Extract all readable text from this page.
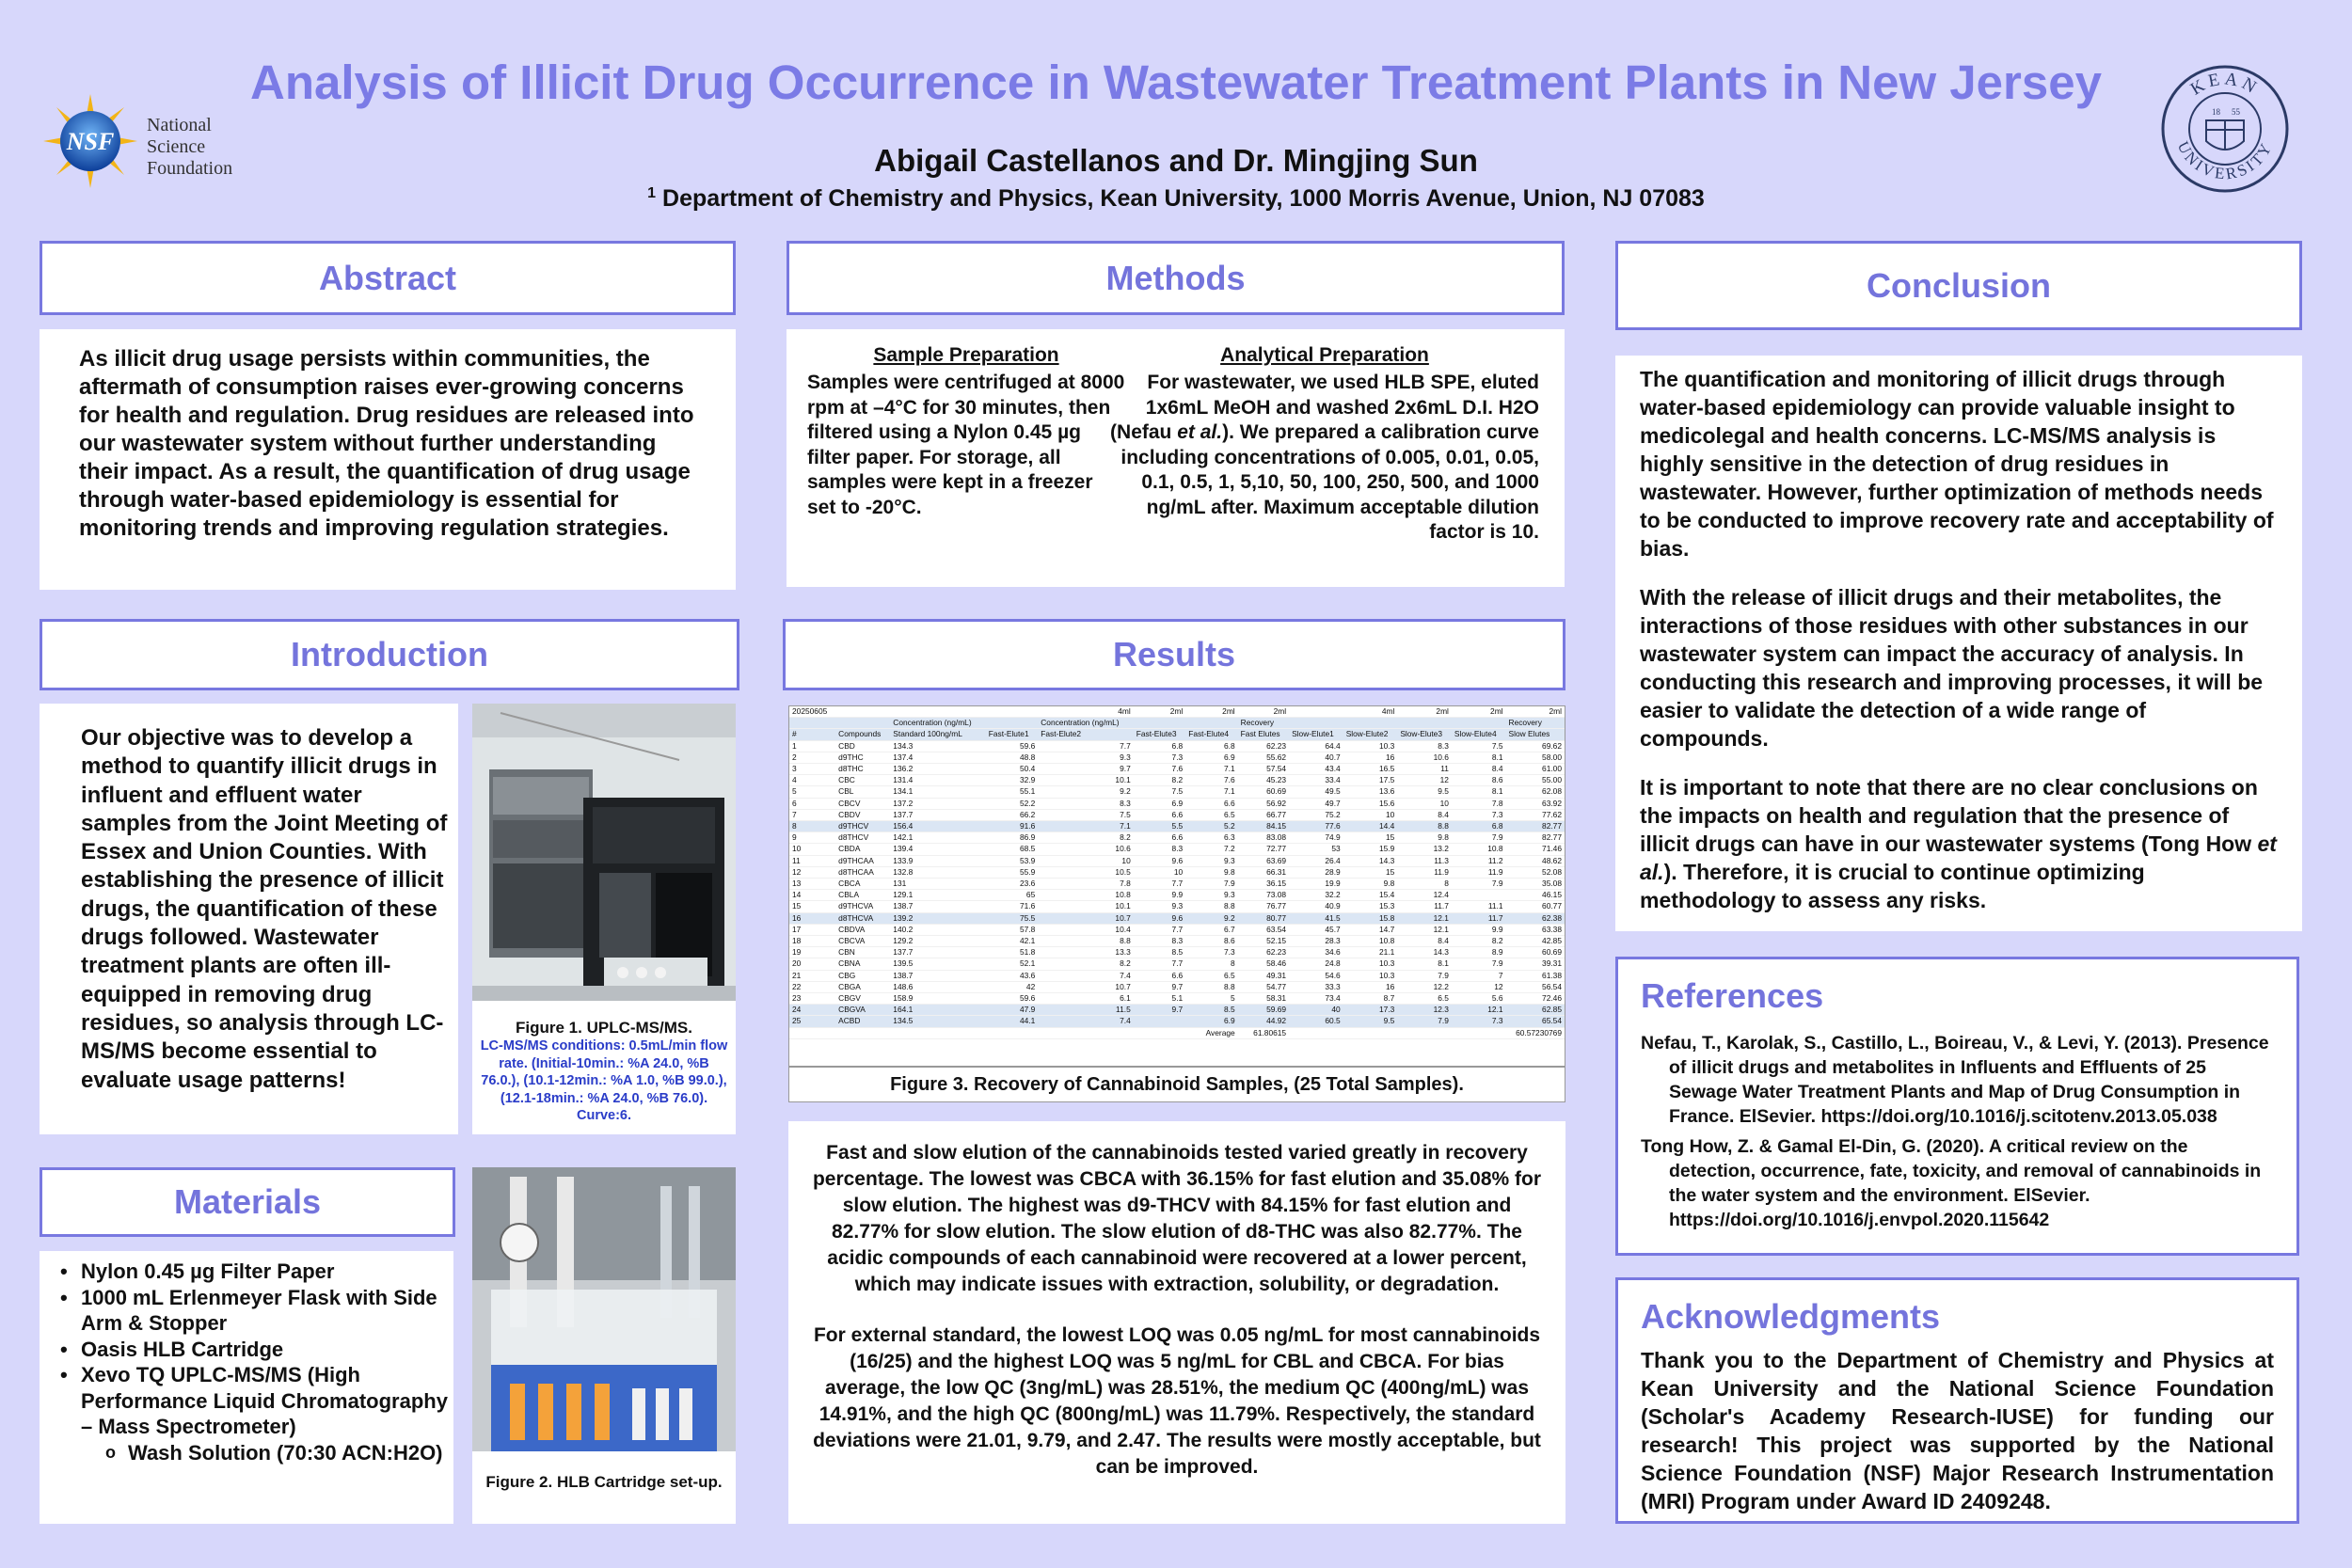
Analysis of Illicit Drug Occurrence in Wastewater Treatment Plants in New Jersey
Abigail Castellanos and Dr. Mingjing Sun
$^1$ Department of Chemistry and Physics, Kean University, 1000 Morris Avenue, Union, NJ 07083
NSF
National
Science
Foundation
KEAN
UNIVERSITY
18 55
Abstract
As illicit drug usage persists within communities, the aftermath of consumption raises ever-growing concerns for health and regulation. Drug residues are released into our wastewater system without further understanding their impact. As a result, the quantification of drug usage through water-based epidemiology is essential for monitoring trends and improving regulation strategies.
Introduction
Our objective was to develop a method to quantify illicit drugs in influent and effluent water samples from the Joint Meeting of Essex and Union Counties. With establishing the presence of illicit drugs, the quantification of these drugs followed. Wastewater treatment plants are often ill-equipped in removing drug residues, so analysis through LC-MS/MS become essential to evaluate usage patterns!
Figure 1. UPLC-MS/MS.
LC-MS/MS conditions: 0.5mL/min flow rate. (Initial-10min.: %A 24.0, %B 76.0.), (10.1-12min.: %A 1.0, %B 99.0.), (12.1-18min.: %A 24.0, %B 76.0). Curve:6.
Materials
• Nylon 0.45 µg Filter Paper
• 1000 mL Erlenmeyer Flask with Side Arm & Stopper
• Oasis HLB Cartridge
• Xevo TQ UPLC-MS/MS (High Performance Liquid Chromatography – Mass Spectrometer)
o Wash Solution (70:30 ACN:H2O)
Figure 2. HLB Cartridge set-up.
Methods
Sample Preparation
Samples were centrifuged at 8000 rpm at –4°C for 30 minutes, then filtered using a Nylon 0.45 µg filter paper. For storage, all samples were kept in a freezer set to -20°C.
Analytical Preparation
For wastewater, we used HLB SPE, eluted 1x6mL MeOH and washed 2x6mL D.I. H2O (Nefau et al.). We prepared a calibration curve including concentrations of 0.005, 0.01, 0.05, 0.1, 0.5, 1, 5,10, 50, 100, 250, 500, and 1000 ng/mL after. Maximum acceptable dilution factor is 10.
Results
20250605				4ml	2ml	2ml	2ml		4ml	2ml	2ml	2ml
		Concentration (ng/mL)		Concentration (ng/mL)			Recovery					Recovery
#	Compounds	Standard 100ng/mL	Fast-Elute1	Fast-Elute2	Fast-Elute3	Fast-Elute4	Fast Elutes	Slow-Elute1	Slow-Elute2	Slow-Elute3	Slow-Elute4	Slow Elutes
1	CBD	134.3	59.6	7.7	6.8	6.8	62.23	64.4	10.3	8.3	7.5	69.62
2	d9THC	137.4	48.8	9.3	7.3	6.9	55.62	40.7	16	10.6	8.1	58.00
3	d8THC	136.2	50.4	9.7	7.6	7.1	57.54	43.4	16.5	11	8.4	61.00
4	CBC	131.4	32.9	10.1	8.2	7.6	45.23	33.4	17.5	12	8.6	55.00
5	CBL	134.1	55.1	9.2	7.5	7.1	60.69	49.5	13.6	9.5	8.1	62.08
6	CBCV	137.2	52.2	8.3	6.9	6.6	56.92	49.7	15.6	10	7.8	63.92
7	CBDV	137.7	66.2	7.5	6.6	6.5	66.77	75.2	10	8.4	7.3	77.62
8	d9THCV	156.4	91.6	7.1	5.5	5.2	84.15	77.6	14.4	8.8	6.8	82.77
9	d8THCV	142.1	86.9	8.2	6.6	6.3	83.08	74.9	15	9.8	7.9	82.77
10	CBDA	139.4	68.5	10.6	8.3	7.2	72.77	53	15.9	13.2	10.8	71.46
11	d9THCAA	133.9	53.9	10	9.6	9.3	63.69	26.4	14.3	11.3	11.2	48.62
12	d8THCAA	132.8	55.9	10.5	10	9.8	66.31	28.9	15	11.9	11.9	52.08
13	CBCA	131	23.6	7.8	7.7	7.9	36.15	19.9	9.8	8	7.9	35.08
14	CBLA	129.1	65	10.8	9.9	9.3	73.08	32.2	15.4	12.4		46.15
15	d9THCVA	138.7	71.6	10.1	9.3	8.8	76.77	40.9	15.3	11.7	11.1	60.77
16	d8THCVA	139.2	75.5	10.7	9.6	9.2	80.77	41.5	15.8	12.1	11.7	62.38
17	CBDVA	140.2	57.8	10.4	7.7	6.7	63.54	45.7	14.7	12.1	9.9	63.38
18	CBCVA	129.2	42.1	8.8	8.3	8.6	52.15	28.3	10.8	8.4	8.2	42.85
19	CBN	137.7	51.8	13.3	8.5	7.3	62.23	34.6	21.1	14.3	8.9	60.69
20	CBNA	139.5	52.1	8.2	7.7	8	58.46	24.8	10.3	8.1	7.9	39.31
21	CBG	138.7	43.6	7.4	6.6	6.5	49.31	54.6	10.3	7.9	7	61.38
22	CBGA	148.6	42	10.7	9.7	8.8	54.77	33.3	16	12.2	12	56.54
23	CBGV	158.9	59.6	6.1	5.1	5	58.31	73.4	8.7	6.5	5.6	72.46
24	CBGVA	164.1	47.9	11.5	9.7	8.5	59.69	40	17.3	12.3	12.1	62.85
25	ACBD	134.5	44.1	7.4		6.9	44.92	60.5	9.5	7.9	7.3	65.54
						Average	61.80615					60.57230769
Figure 3. Recovery of Cannabinoid Samples, (25 Total Samples).
Fast and slow elution of the cannabinoids tested varied greatly in recovery percentage. The lowest was CBCA with 36.15% for fast elution and 35.08% for slow elution. The highest was d9-THCV with 84.15% for fast elution and 82.77% for slow elution. The slow elution of d8-THC was also 82.77%. The acidic compounds of each cannabinoid were recovered at a lower percent, which may indicate issues with extraction, solubility, or degradation.
For external standard, the lowest LOQ was 0.05 ng/mL for most cannabinoids (16/25) and the highest LOQ was 5 ng/mL for CBL and CBCA. For bias average, the low QC (3ng/mL) was 28.51%, the medium QC (400ng/mL) was 14.91%, and the high QC (800ng/mL) was 11.79%. Respectively, the standard deviations were 21.01, 9.79, and 2.47. The results were mostly acceptable, but can be improved.
Conclusion
The quantification and monitoring of illicit drugs through water-based epidemiology can provide valuable insight to medicolegal and health concerns. LC-MS/MS analysis is highly sensitive in the detection of drug residues in wastewater. However, further optimization of methods needs to be conducted to improve recovery rate and acceptability of bias.
With the release of illicit drugs and their metabolites, the interactions of those residues with other substances in our wastewater system can impact the accuracy of analysis. In conducting this research and improving processes, it will be easier to validate the detection of a wide range of compounds.
It is important to note that there are no clear conclusions on the impacts on health and regulation that the presence of illicit drugs can have in our wastewater systems (Tong How et al.). Therefore, it is crucial to continue optimizing methodology to assess any risks.
References
Nefau, T., Karolak, S., Castillo, L., Boireau, V., & Levi, Y. (2013). Presence of illicit drugs and metabolites in Influents and Effluents of 25 Sewage Water Treatment Plants and Map of Drug Consumption in France. ElSevier. https://doi.org/10.1016/j.scitotenv.2013.05.038
Tong How, Z. & Gamal El-Din, G. (2020). A critical review on the detection, occurrence, fate, toxicity, and removal of cannabinoids in the water system and the environment. ElSevier. https://doi.org/10.1016/j.envpol.2020.115642
Acknowledgments
Thank you to the Department of Chemistry and Physics at Kean University and the National Science Foundation (Scholar's Academy Research-IUSE) for funding our research! This project was supported by the National Science Foundation (NSF) Major Research Instrumentation (MRI) Program under Award ID 2409248.
